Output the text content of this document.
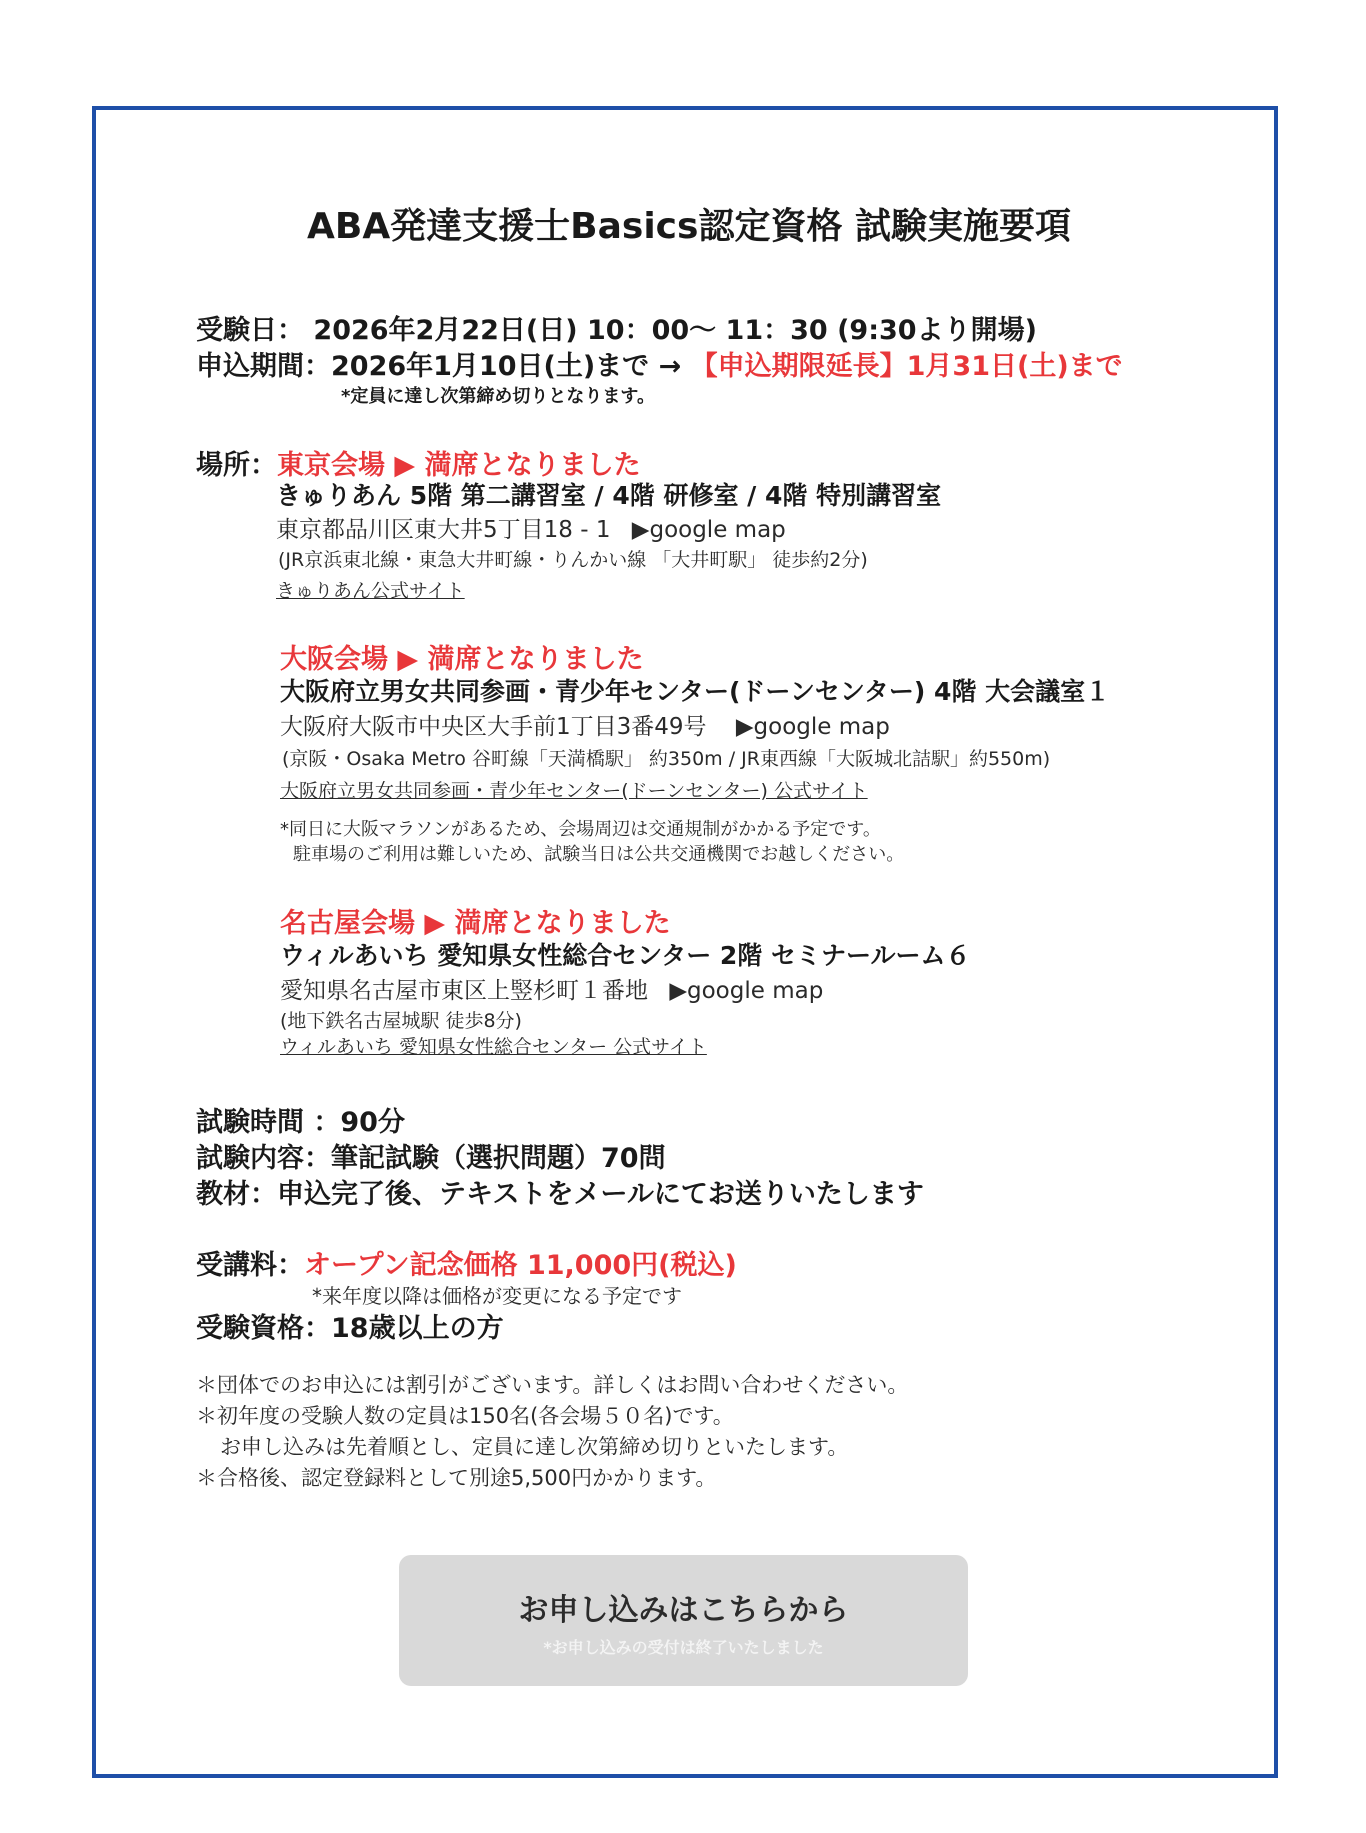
ABA発達支援士Basics認定資格 試験実施要項
受験日： 2026年2月22日(日) 10：00～ 11：30 (9:30より開場)
申込期間：2026年1月10日(土)まで → 【申込期限延長】1月31日(土)まで
*定員に達し次第締め切りとなります。
場所：東京会場 ▶ 満席となりました
きゅりあん 5階 第二講習室 / 4階 研修室 / 4階 特別講習室
東京都品川区東大井5丁目18 - 1 ▶google map
(JR京浜東北線・東急大井町線・りんかい線 「大井町駅」 徒歩約2分)
きゅりあん公式サイト
大阪会場 ▶ 満席となりました
大阪府立男女共同参画・青少年センター(ドーンセンター) 4階 大会議室１
大阪府大阪市中央区大手前1丁目3番49号 ▶google map
(京阪・Osaka Metro 谷町線「天満橋駅」 約350m / JR東西線「大阪城北詰駅」約550m)
大阪府立男女共同参画・青少年センター(ドーンセンター) 公式サイト
*同日に大阪マラソンがあるため、会場周辺は交通規制がかかる予定です。
駐車場のご利用は難しいため、試験当日は公共交通機関でお越しください。
名古屋会場 ▶ 満席となりました
ウィルあいち 愛知県女性総合センター 2階 セミナールーム６
愛知県名古屋市東区上竪杉町１番地 ▶google map
(地下鉄名古屋城駅 徒歩8分)
ウィルあいち 愛知県女性総合センター 公式サイト
試験時間 ：90分
試験内容：筆記試験（選択問題）70問
教材：申込完了後、テキストをメールにてお送りいたします
受講料：オープン記念価格 11,000円(税込)
*来年度以降は価格が変更になる予定です
受験資格：18歳以上の方
＊団体でのお申込には割引がございます。詳しくはお問い合わせください。
＊初年度の受験人数の定員は150名(各会場５０名)です。
お申し込みは先着順とし、定員に達し次第締め切りといたします。
＊合格後、認定登録料として別途5,500円かかります。
お申し込みはこちらから
*お申し込みの受付は終了いたしました
